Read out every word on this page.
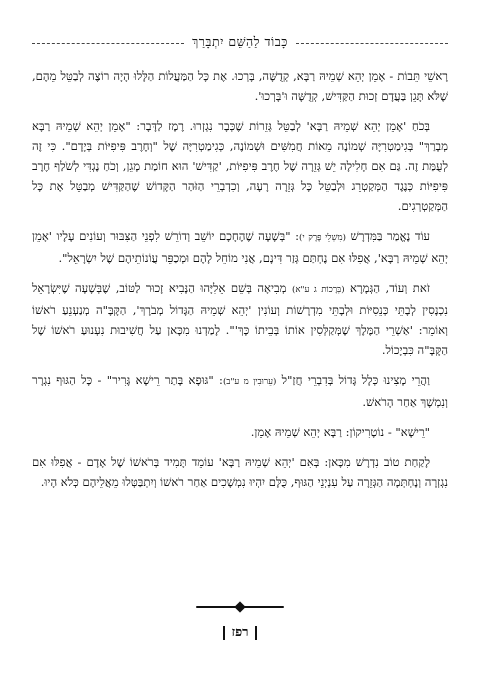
כָּבוֹד לַהַשֵּׁם יִתְבָּרַךְ

רָאשֵׁי תֵּבוֹת - אָמֵן יְהֵא שְׁמֵיהּ רַבָּא, קְדֻשָּׁה, בָּרְכוּ. אֶת כָּל הַמַּעֲלוֹת הַלָּלוּ הָיָה רוֹצֶה לְבַטֵּל מֵהֶם, שֶׁלֹּא תָּגֵן בַּעֲדָם זְכוּת הַקַּדִּישׁ, קְדֻשָּׁה וּ'בָּרְכוּ'.

בְּכֹחַ 'אָמֵן יְהֵא שְׁמֵיהּ רַבָּא' לְבַטֵּל גְּזֵרוֹת שֶׁכְּבָר נִגְזְרוּ. רֶמֶז לַדָּבָר: "אָמֵן יְהֵא שְׁמֵיהּ רַבָּא מְבָרַךְ" בְּגִימַטְרִיָּה שְׁמוֹנֶה מֵאוֹת חֲמִשִּׁים וּשְׁמוֹנֶה, כְּגִימַטְרִיָּה שֶׁל "וְחֶרֶב פִּיפִיּוֹת בְּיָדָם". כִּי זֶה לְעֻמַּת זֶה. גַּם אִם חָלִילָה יֵשׁ גְּזֵרָה שֶׁל חֶרֶב פִּיפִיּוֹת, 'קַדִּישׁ' הוּא חוֹמַת מָגֵן, וְכֹחַ נֶגְדִּי לְשֹׁלַף חֶרֶב פִּיפִיּוֹת כְּנֶגֶד הַמְּקַטְרֵג וּלְבַטֵּל כָּל גְּזֵרָה רָעָה, וְכִדְבְרֵי הַזֹּהַר הַקָּדוֹשׁ שֶׁהַקַּדִּישׁ מְבַטֵּל אֶת כָּל הַמְּקַטְרְגִים.

עוֹד נֶאֱמַר בַּמִּדְרָשׁ (מִשְׁלֵי פֶּרֶק י): "בְּשָׁעָה שֶׁהֶחָכָם יוֹשֵׁב וְדוֹרֵשׁ לִפְנֵי הַצִּבּוּר וְעוֹנִים עָלָיו 'אָמֵן יְהֵא שְׁמֵיהּ רַבָּא', אֲפִלּוּ אִם נֶחְתַּם גְּזַר דִּינָם, אֲנִי מוֹחֵל לָהֶם וּמְכַפֵּר עֲוֹנוֹתֵיהֶם שֶׁל יִשְׂרָאֵל".

זֹאת וְעוֹד, הַגְּמָרָא (בְּרָכוֹת ג ע"א) מְבִיאָה בְּשֵׁם אֵלִיָּהוּ הַנָּבִיא זָכוּר לַטּוֹב, שֶׁבְּשָׁעָה שֶׁיִּשְׂרָאֵל נִכְנָסִין לְבָתֵּי כְּנֵסִיּוֹת וּלְבָתֵּי מִדְרָשׁוֹת וְעוֹנִין 'יְהֵא שְׁמֵיהּ הַגָּדוֹל מְבֹרָךְ', הַקָּבָּ"ה מְנַעְנֵעַ רֹאשׁוֹ וְאוֹמֵר: 'אַשְׁרֵי הַמֶּלֶךְ שֶׁמְּקַלְּסִין אוֹתוֹ בְּבֵיתוֹ כָּךְ'". לָמַדְנוּ מִכָּאן עַל חֲשִׁיבוּת נִעְנוּעַ רֹאשׁוֹ שֶׁל הַקָּבָּ"ה כִּבְיָכוֹל.

וַהֲרֵי מָצִינוּ כְּלָל גָּדוֹל בְּדִבְרֵי חֲזַ"ל (עֵרוּבִין מ ע"ב): "גּוּפָא בָּתַר רֵישָׁא גָּרִיר" - כָּל הַגּוּף נִגְרָר וְנִמְשָׁךְ אַחַר הָרֹאשׁ.

"רֵישָׁא" - נוֹטָרִיקוֹן: רַבָּא יְהֵא שְׁמֵיהּ אָמֵן.

לָקַחַת טוֹב נִדְרָשׁ מִכָּאן: בְּאִם 'יְהֵא שְׁמֵיהּ רַבָּא' עוֹמֵד תָּמִיד בְּרֹאשׁוֹ שֶׁל אָדָם - אֲפִלּוּ אִם נִגְזְרָה וְנֶחְתְּמָה הַגְּזֵרָה עַל עִנְיְנֵי הַגּוּף, כֻּלָּם יִהְיוּ נִמְשָׁכִים אַחַר רֹאשׁוֹ וְיִתְבַּטְּלוּ מֵאֲלֵיהֶם כְּלֹא הָיוּ.

רפז
